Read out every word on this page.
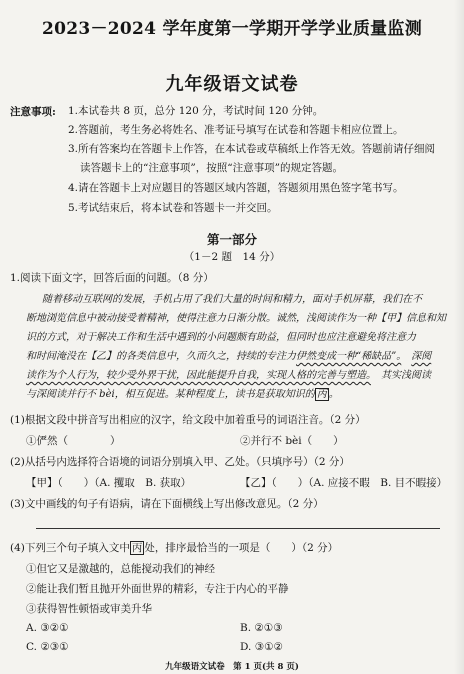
2023－2024 学年度第一学期开学学业质量监测
九年级语文试卷
注意事项: 1.本试卷共 8 页，总分 120 分，考试时间 120 分钟。
2.答题前，考生务必将姓名、准考证号填写在试卷和答题卡相应位置上。
3.所有答案均在答题卡上作答，在本试卷或草稿纸上作答无效。答题前请仔细阅
读答题卡上的“注意事项”，按照“注意事项”的规定答题。
4.请在答题卡上对应题目的答题区域内答题，答题须用黑色签字笔书写。
5.考试结束后，将本试卷和答题卡一并交回。
第一部分
（1－2 题　14 分）
1.阅读下面文字，回答后面的问题。（8 分）
随着移动互联网的发展，手机占用了我们大量的时间和精力，面对手机屏幕，我们在不
断地浏览信息中被动接受着精神，使得注意力日渐分散。诚然，浅阅读作为一种【甲】信息和知
识的方式，对于解决工作和生活中遇到的小问题颇有助益，但同时也应注意避免将注意力
和时间淹没在【乙】的各类信息中，久而久之，持续的专注力伊然变成一种“稀缺品”。　 深阅
读作为个人行为，较少受外界干扰，因此能提升自我，实现人格的完善与塑造。　 其实浅阅读
与深阅读并行不 bèi，相互促进。某种程度上，读书是获取知识的 丙 。
(1)根据文段中拼音写出相应的汉字，给文段中加着重号的词语注音。（2 分）
①俨然（　　　　）	②并行不 bèi（　　）
(2)从括号内选择符合语境的词语分别填入甲、乙处。（只填序号）（2 分）
【甲】（　　）（A. 攫取　B. 获取）	【乙】（　　）（A. 应接不暇　B. 目不暇接）
(3)文中画线的句子有语病，请在下面横线上写出修改意见。（2 分）
(4)下列三个句子填入文中 丙 处，排序最恰当的一项是（　　）（2 分）
①但它又是激越的，总能搅动我们的神经
②能让我们暂且抛开外面世界的精彩，专注于内心的平静
③获得智性顿悟或审美升华
A. ③②①	B. ②①③
C. ②③①	D. ③①②
九年级语文试卷　第 1 页(共 8 页)
